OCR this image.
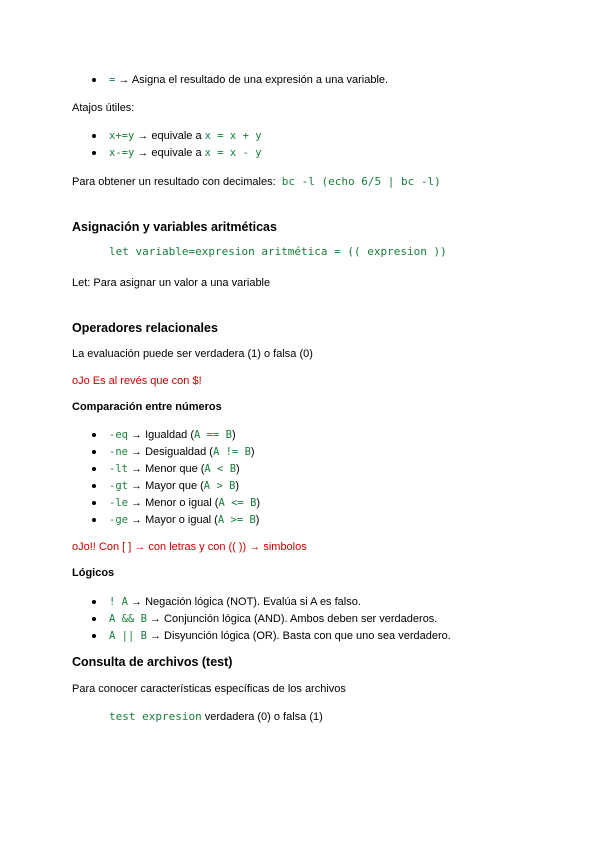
= → Asigna el resultado de una expresión a una variable.
Atajos útiles:
x+=y → equivale a x = x + y
x-=y → equivale a x = x - y
Para obtener un resultado con decimales: bc -l (echo 6/5 | bc -l)
Asignación y variables aritméticas
let variable=expresion aritmética = (( expresion ))
Let: Para asignar un valor a una variable
Operadores relacionales
La evaluación puede ser verdadera (1) o falsa (0)
oJo Es al revés que con $!
Comparación entre números
-eq → Igualdad (A == B)
-ne → Desigualdad (A != B)
-lt → Menor que (A < B)
-gt → Mayor que (A > B)
-le → Menor o igual (A <= B)
-ge → Mayor o igual (A >= B)
oJo!! Con [ ] → con letras y con (( )) → simbolos
Lógicos
! A → Negación lógica (NOT). Evalúa si A es falso.
A && B → Conjunción lógica (AND). Ambos deben ser verdaderos.
A || B → Disyunción lógica (OR). Basta con que uno sea verdadero.
Consulta de archivos (test)
Para conocer características específicas de los archivos
test expresion verdadera (0) o falsa (1)
